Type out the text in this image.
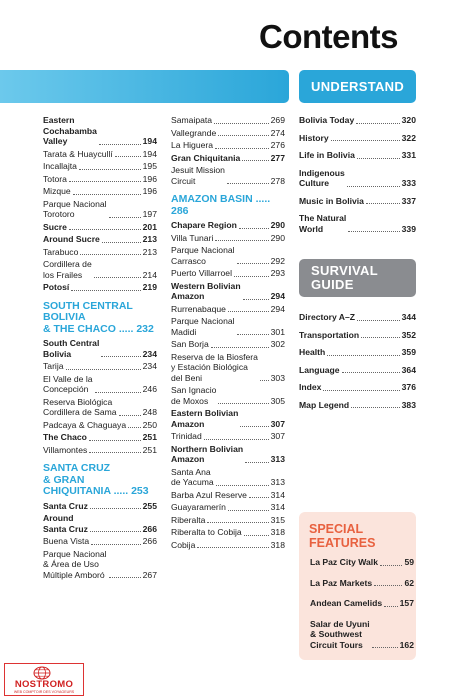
Contents
UNDERSTAND
SURVIVAL
GUIDE
Eastern
Cochabamba
Valley	194
Tarata & Huaycullí	194
Incallajta	195
Totora	196
Mizque	196
Parque Nacional
Torotoro	197
Sucre	201
Around Sucre	213
Tarabuco	213
Cordillera de
los Frailes	214
Potosí	219
SOUTH CENTRAL
BOLIVIA
& THE CHACO ..... 232
South Central
Bolivia	234
Tarija	234
El Valle de la
Concepción	246
Reserva Biológica
Cordillera de Sama	248
Padcaya & Chaguaya 250
The Chaco	251
Villamontes	251
SANTA CRUZ
& GRAN
CHIQUITANIA ..... 253
Santa Cruz	255
Around
Santa Cruz	266
Buena Vista	266
Parque Nacional
& Área de Uso
Múltiple Amboró	267
Samaipata	269
Vallegrande	274
La Higuera	276
Gran Chiquitania	277
Jesuit Mission
Circuit	278
AMAZON BASIN ..... 286
Chapare Region	290
Villa Tunari	290
Parque Nacional
Carrasco	292
Puerto Villarroel	293
Western Bolivian
Amazon	294
Rurrenabaque	294
Parque Nacional
Madidi	301
San Borja	302
Reserva de la Biosfera
y Estación Biológica
del Beni	303
San Ignacio
de Moxos	305
Eastern Bolivian
Amazon	307
Trinidad	307
Northern Bolivian
Amazon	313
Santa Ana
de Yacuma	313
Barba Azul Reserve	314
Guayaramerín	314
Riberalta	315
Riberalta to Cobija	318
Cobija	318
Bolivia Today	320
History	322
Life in Bolivia	331
Indigenous
Culture	333
Music in Bolivia	337
The Natural
World	339
Directory A–Z	344
Transportation	352
Health	359
Language	364
Index	376
Map Legend	383
SPECIAL
FEATURES
La Paz City Walk	59
La Paz Markets	62
Andean Camelids 157
Salar de Uyuni
& Southwest
Circuit Tours	162
NOSTROMO
WEB COMPTOIR DES VOYAGEURS
